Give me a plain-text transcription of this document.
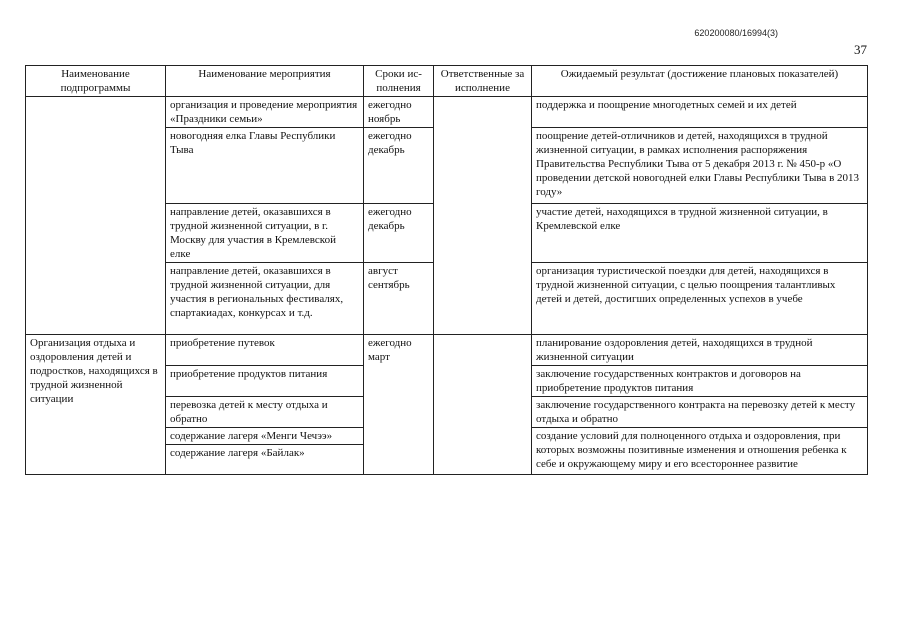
620200080/16994(3)
37
Наименование подпрограммы	Наименование мероприятия	Сроки ис-полнения	Ответственные за исполнение	Ожидаемый результат (достижение плановых показателей)
	организация и проведение мероприятия «Праздники семьи»	ежегодно ноябрь		поддержка и поощрение многодетных семей и их детей
	новогодняя елка Главы Республики Тыва	ежегодно декабрь		поощрение детей-отличников и детей, находящихся в трудной жизненной ситуации, в рамках исполнения распоряжения Правительства Республики Тыва от 5 декабря 2013 г. № 450-р «О проведении детской новогодней елки Главы Республики Тыва в 2013 году»
	направление детей, оказавшихся в трудной жизненной ситуации, в г. Москву для участия в Кремлевской елке	ежегодно декабрь		участие детей, находящихся в трудной жизненной ситуации, в Кремлевской елке
	направление детей, оказавшихся в трудной жизненной ситуации, для участия в региональных фестивалях, спартакиадах, конкурсах и т.д.	август сентябрь		организация туристической поездки для детей, находящихся в трудной жизненной ситуации, с целью поощрения талантливых детей и детей, достигших определенных успехов в учебе
Организация отдыха и оздоровления детей и подростков, находящихся в трудной жизненной ситуации	приобретение путевок	ежегодно март		планирование оздоровления детей, находящихся в трудной жизненной ситуации
	приобретение продуктов питания			заключение государственных контрактов и договоров на приобретение продуктов питания
	перевозка детей к месту отдыха и обратно			заключение государственного контракта на перевозку детей к месту отдыха и обратно
	содержание лагеря «Менги Чечээ»			создание условий для полноценного отдыха и оздоровления, при которых возможны позитивные изменения и отношения ребенка к себе и окружающему миру и его всестороннее развитие
	содержание лагеря «Байлак»			
